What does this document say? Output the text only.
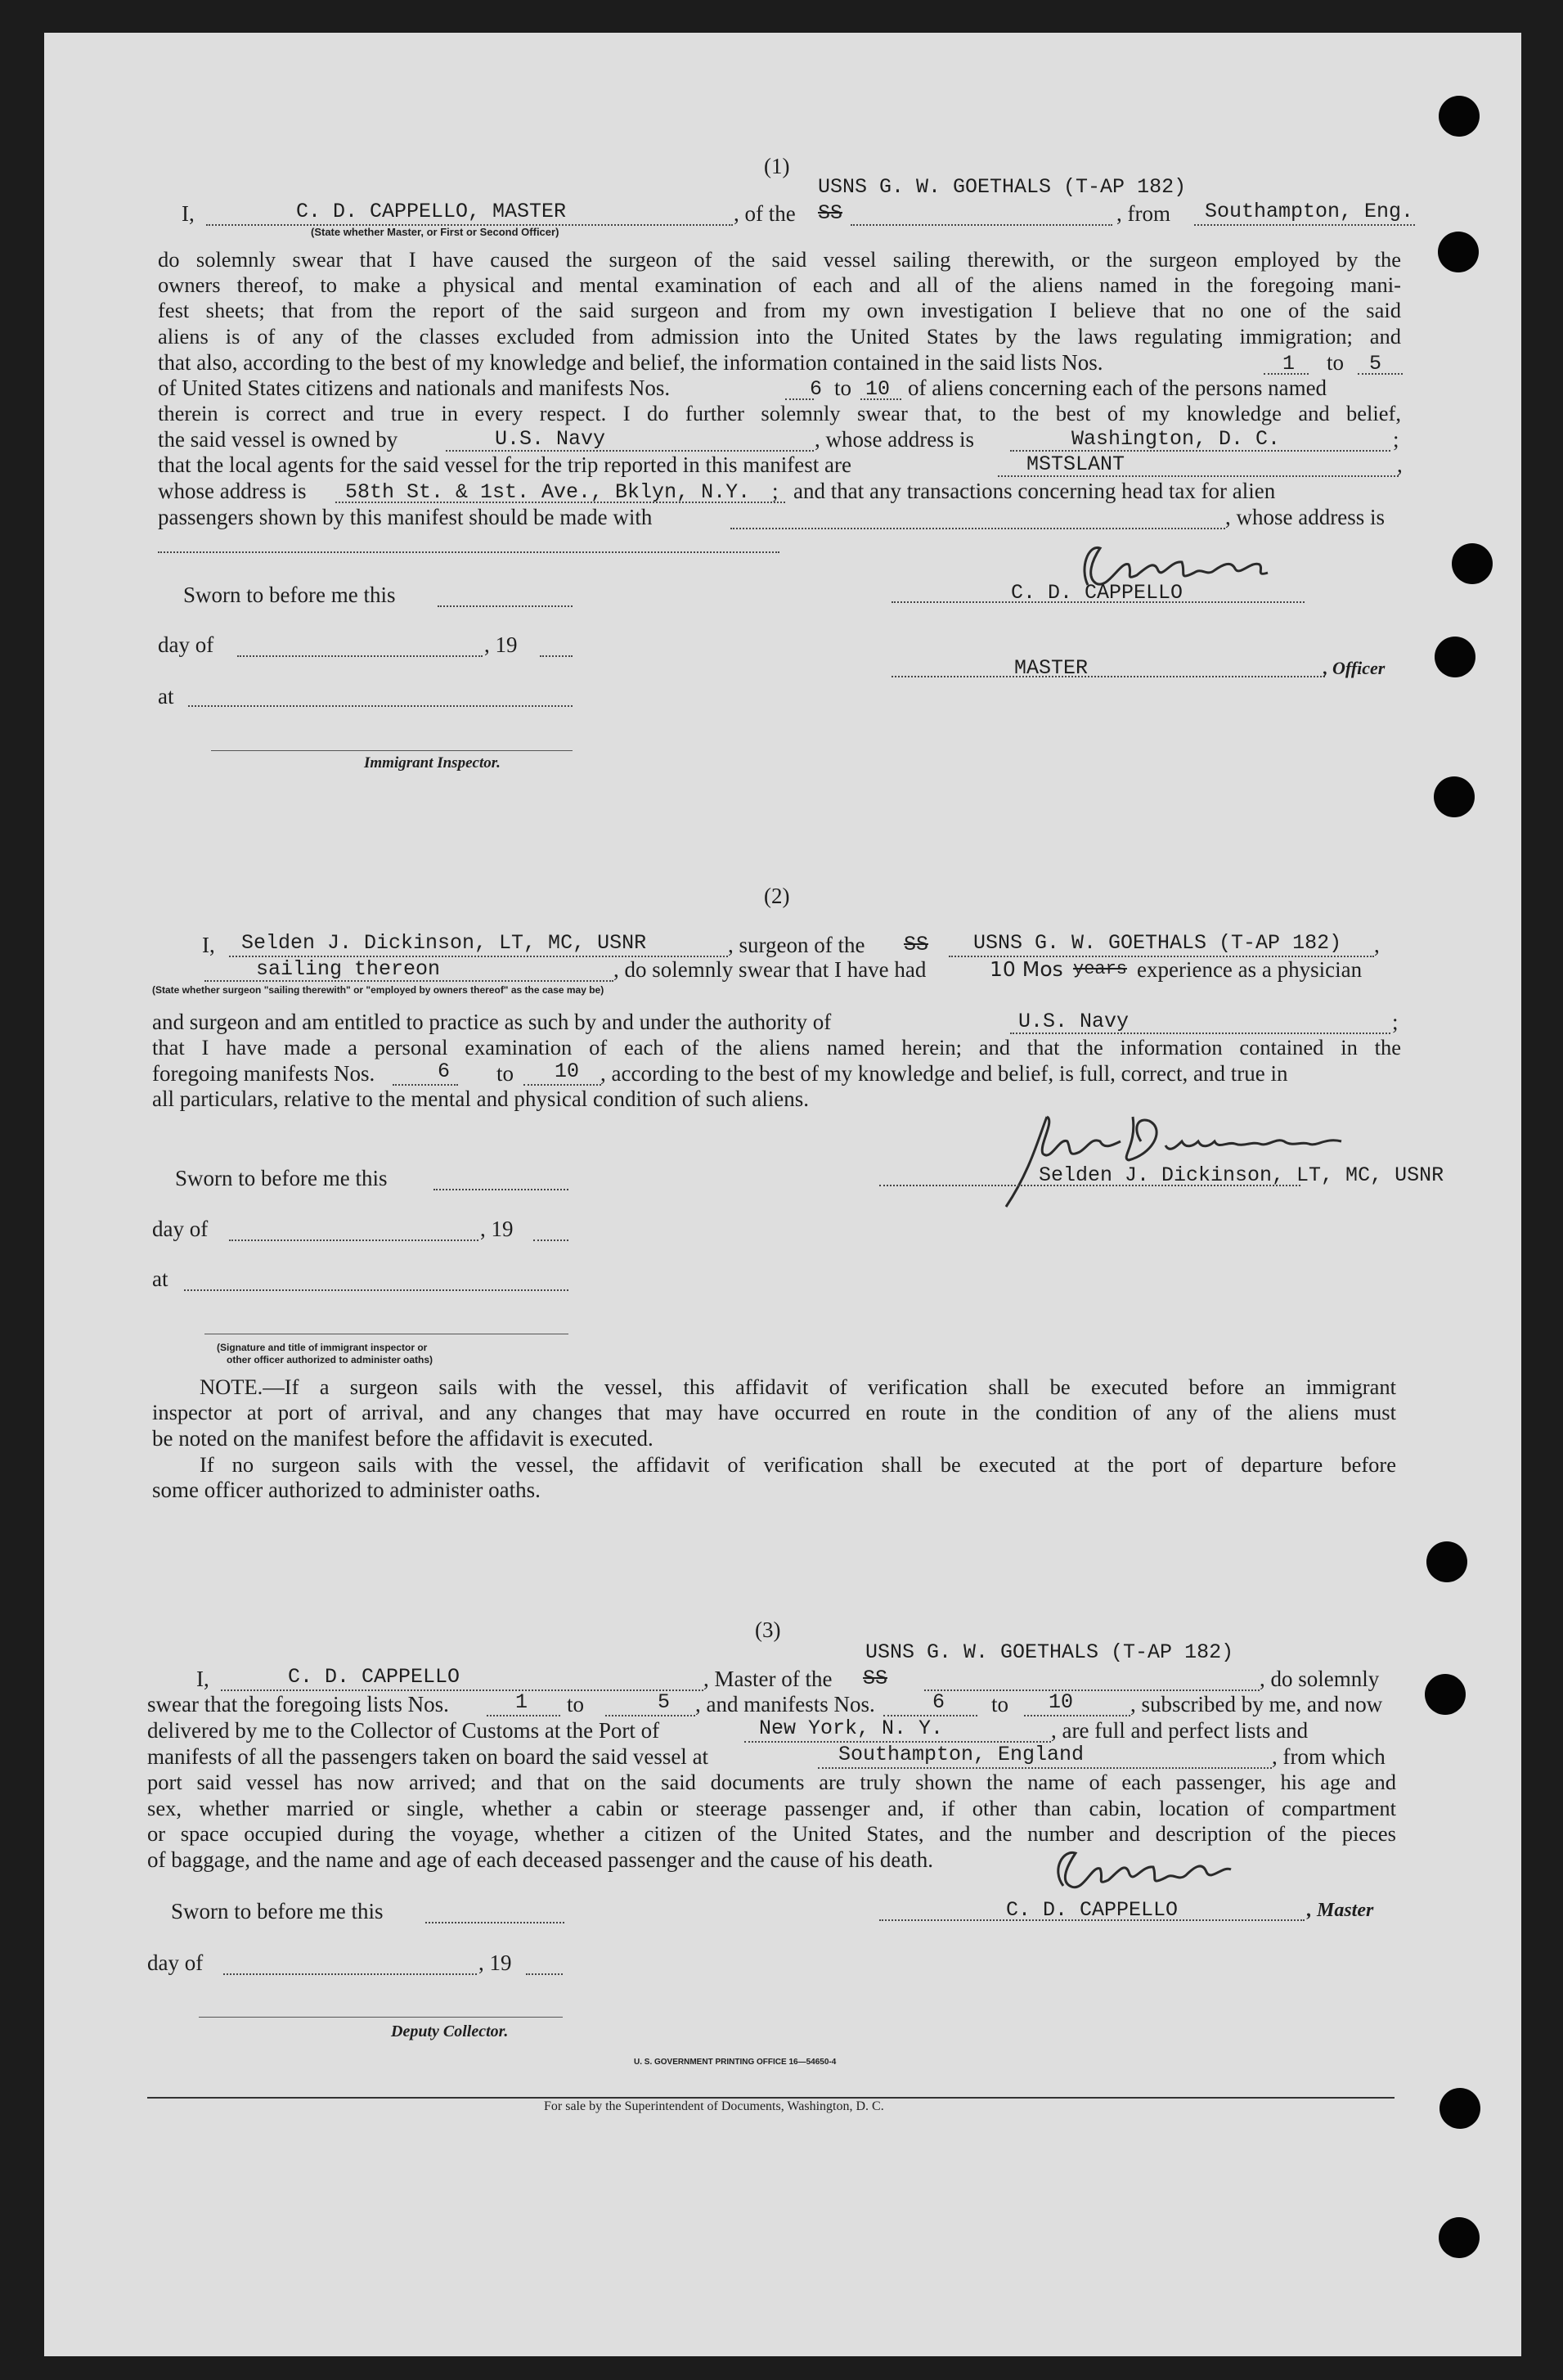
(1)
USNS G. W. GOETHALS (T-AP 182)
I,	C. D. CAPPELLO, MASTER	, of the SS	, from Southampton, Eng.
(State whether Master, or First or Second Officer)
do solemnly swear that I have caused the surgeon of the said vessel sailing therewith, or the surgeon employed by the
owners thereof, to make a physical and mental examination of each and all of the aliens named in the foregoing mani-
fest sheets; that from the report of the said surgeon and from my own investigation I believe that no one of the said
aliens is of any of the classes excluded from admission into the United States by the laws regulating immigration; and
that also, according to the best of my knowledge and belief, the information contained in the said lists Nos.	1 to 5
of United States citizens and nationals and manifests Nos.	6 to 10 of aliens concerning each of the persons named
therein is correct and true in every respect. I do further solemnly swear that, to the best of my knowledge and belief,
the said vessel is owned by	U.S. Navy	, whose address is	Washington, D. C.	;
that the local agents for the said vessel for the trip reported in this manifest are	MSTSLANT	,
whose address is 58th St. & 1st. Ave., Bklyn, N.Y. ; and that any transactions concerning head tax for alien
passengers shown by this manifest should be made with	, whose address is
Sworn to before me this	C. D. CAPPELLO
day of	, 19
MASTER	, Officer
at
Immigrant Inspector.
(2)
I, Selden J. Dickinson, LT, MC, USNR	, surgeon of the SS USNS G. W. GOETHALS (T-AP 182) ,
sailing thereon	, do solemnly swear that I have had	10 Mos years experience as a physician
(State whether surgeon "sailing therewith" or "employed by owners thereof" as the case may be)
and surgeon and am entitled to practice as such by and under the authority of	U.S. Navy	;
that I have made a personal examination of each of the aliens named herein; and that the information contained in the
foregoing manifests Nos.	6 to 10 , according to the best of my knowledge and belief, is full, correct, and true in
all particulars, relative to the mental and physical condition of such aliens.
Sworn to before me this	Selden J. Dickinson, LT, MC, USNR
day of	, 19
at
(Signature and title of immigrant inspector or
other officer authorized to administer oaths)
NOTE.—If a surgeon sails with the vessel, this affidavit of verification shall be executed before an immigrant
inspector at port of arrival, and any changes that may have occurred en route in the condition of any of the aliens must
be noted on the manifest before the affidavit is executed.
If no surgeon sails with the vessel, the affidavit of verification shall be executed at the port of departure before
some officer authorized to administer oaths.
(3)
USNS G. W. GOETHALS (T-AP 182)
I,	C. D. CAPPELLO	, Master of the SS	, do solemnly
swear that the foregoing lists Nos.	1 to	5 , and manifests Nos.	6 to 10	, subscribed by me, and now
delivered by me to the Collector of Customs at the Port of	New York, N. Y.	, are full and perfect lists and
manifests of all the passengers taken on board the said vessel at	Southampton, England	, from which
port said vessel has now arrived; and that on the said documents are truly shown the name of each passenger, his age and
sex, whether married or single, whether a cabin or steerage passenger and, if other than cabin, location of compartment
or space occupied during the voyage, whether a citizen of the United States, and the number and description of the pieces
of baggage, and the name and age of each deceased passenger and the cause of his death.
Sworn to before me this	C. D. CAPPELLO	, Master
day of	, 19
Deputy Collector.
U. S. GOVERNMENT PRINTING OFFICE 16—54650-4
For sale by the Superintendent of Documents, Washington, D. C.
